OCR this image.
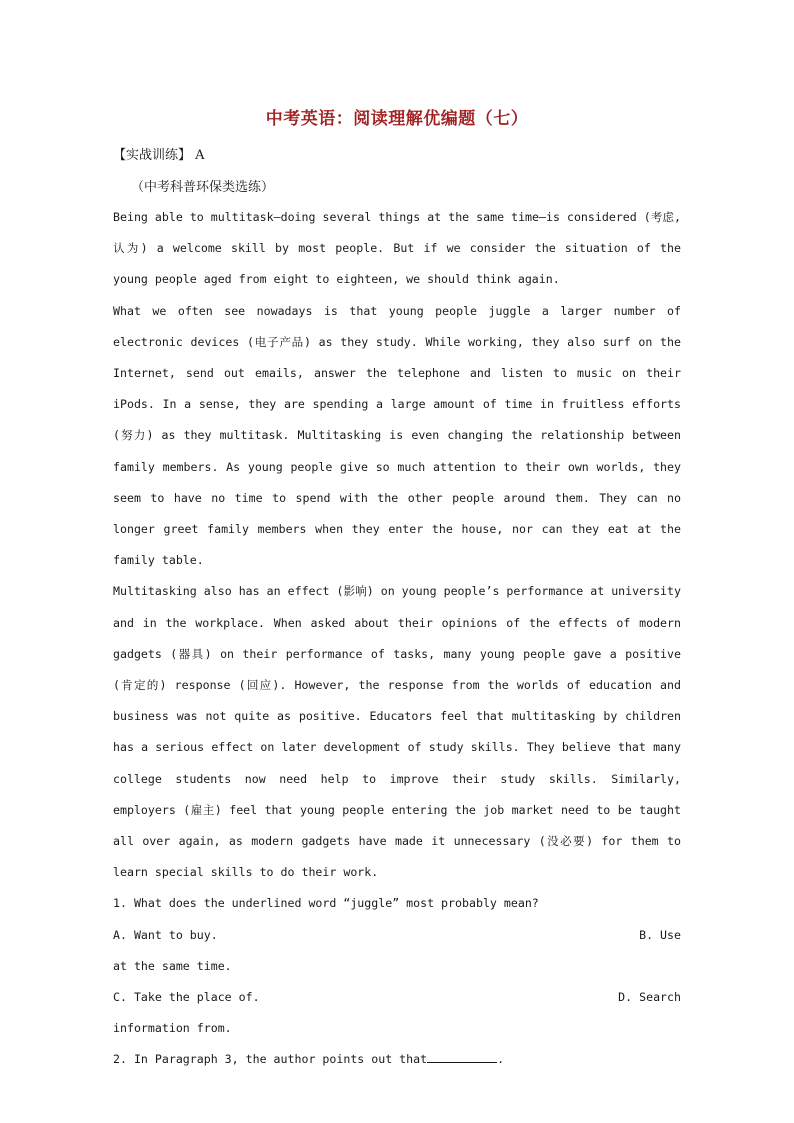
中考英语：阅读理解优编题（七）
【实战训练】 A
（中考科普环保类选练）

Being able to multitask—doing several things at the same time—is considered (考虑,认为) a welcome skill by most people. But if we consider the situation of the young people aged from eight to eighteen, we should think again.

What we often see nowadays is that young people juggle a larger number of electronic devices (电子产品) as they study. While working, they also surf on the Internet, send out emails, answer the telephone and listen to music on their iPods. In a sense, they are spending a large amount of time in fruitless efforts (努力) as they multitask. Multitasking is even changing the relationship between family members. As young people give so much attention to their own worlds, they seem to have no time to spend with the other people around them. They can no longer greet family members when they enter the house, nor can they eat at the family table.

Multitasking also has an effect (影响) on young people’s performance at university and in the workplace. When asked about their opinions of the effects of modern gadgets (器具) on their performance of tasks, many young people gave a positive (肯定的) response (回应). However, the response from the worlds of education and business was not quite as positive. Educators feel that multitasking by children has a serious effect on later development of study skills. They believe that many college students now need help to improve their study skills. Similarly, employers (雇主) feel that young people entering the job market need to be taught all over again, as modern gadgets have made it unnecessary (没必要) for them to learn special skills to do their work.

1. What does the underlined word “juggle” most probably mean?

A. Want to buy.	B. Use

at the same time.

C. Take the place of.	D. Search

information from.

2. In Paragraph 3, the author points out that	.
